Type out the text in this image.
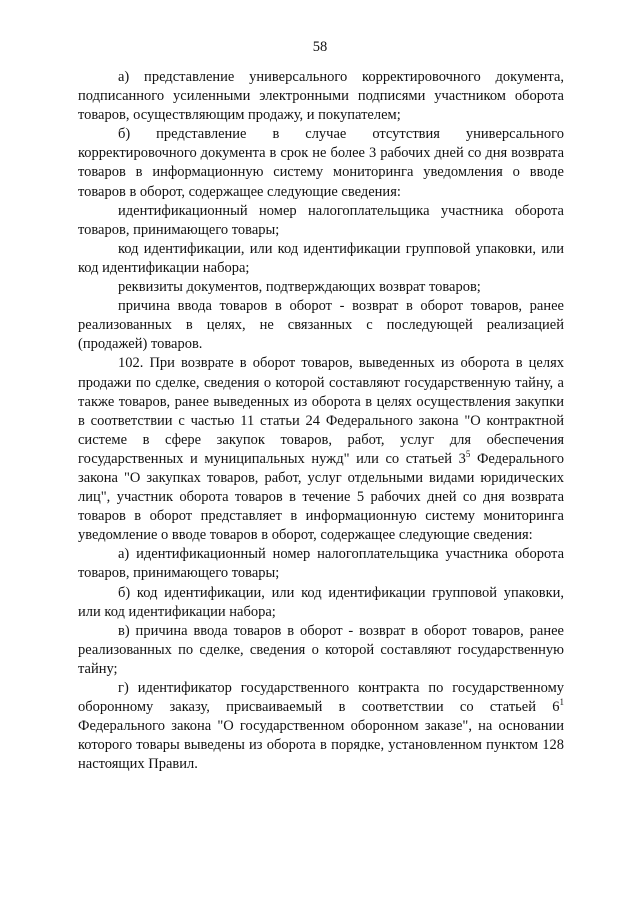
58

а) представление универсального корректировочного документа, подписанного усиленными электронными подписями участником оборота товаров, осуществляющим продажу, и покупателем;

б) представление в случае отсутствия универсального корректировочного документа в срок не более 3 рабочих дней со дня возврата товаров в информационную систему мониторинга уведомления о вводе товаров в оборот, содержащее следующие сведения:

идентификационный номер налогоплательщика участника оборота товаров, принимающего товары;

код идентификации, или код идентификации групповой упаковки, или код идентификации набора;

реквизиты документов, подтверждающих возврат товаров;

причина ввода товаров в оборот - возврат в оборот товаров, ранее реализованных в целях, не связанных с последующей реализацией (продажей) товаров.

102. При возврате в оборот товаров, выведенных из оборота в целях продажи по сделке, сведения о которой составляют государственную тайну, а также товаров, ранее выведенных из оборота в целях осуществления закупки в соответствии с частью 11 статьи 24 Федерального закона "О контрактной системе в сфере закупок товаров, работ, услуг для обеспечения государственных и муниципальных нужд" или со статьей $3^5$ Федерального закона "О закупках товаров, работ, услуг отдельными видами юридических лиц", участник оборота товаров в течение 5 рабочих дней со дня возврата товаров в оборот представляет в информационную систему мониторинга уведомление о вводе товаров в оборот, содержащее следующие сведения:

а) идентификационный номер налогоплательщика участника оборота товаров, принимающего товары;

б) код идентификации, или код идентификации групповой упаковки, или код идентификации набора;

в) причина ввода товаров в оборот - возврат в оборот товаров, ранее реализованных по сделке, сведения о которой составляют государственную тайну;

г) идентификатор государственного контракта по государственному оборонному заказу, присваиваемый в соответствии со статьей $6^1$ Федерального закона "О государственном оборонном заказе", на основании которого товары выведены из оборота в порядке, установленном пунктом 128 настоящих Правил.
